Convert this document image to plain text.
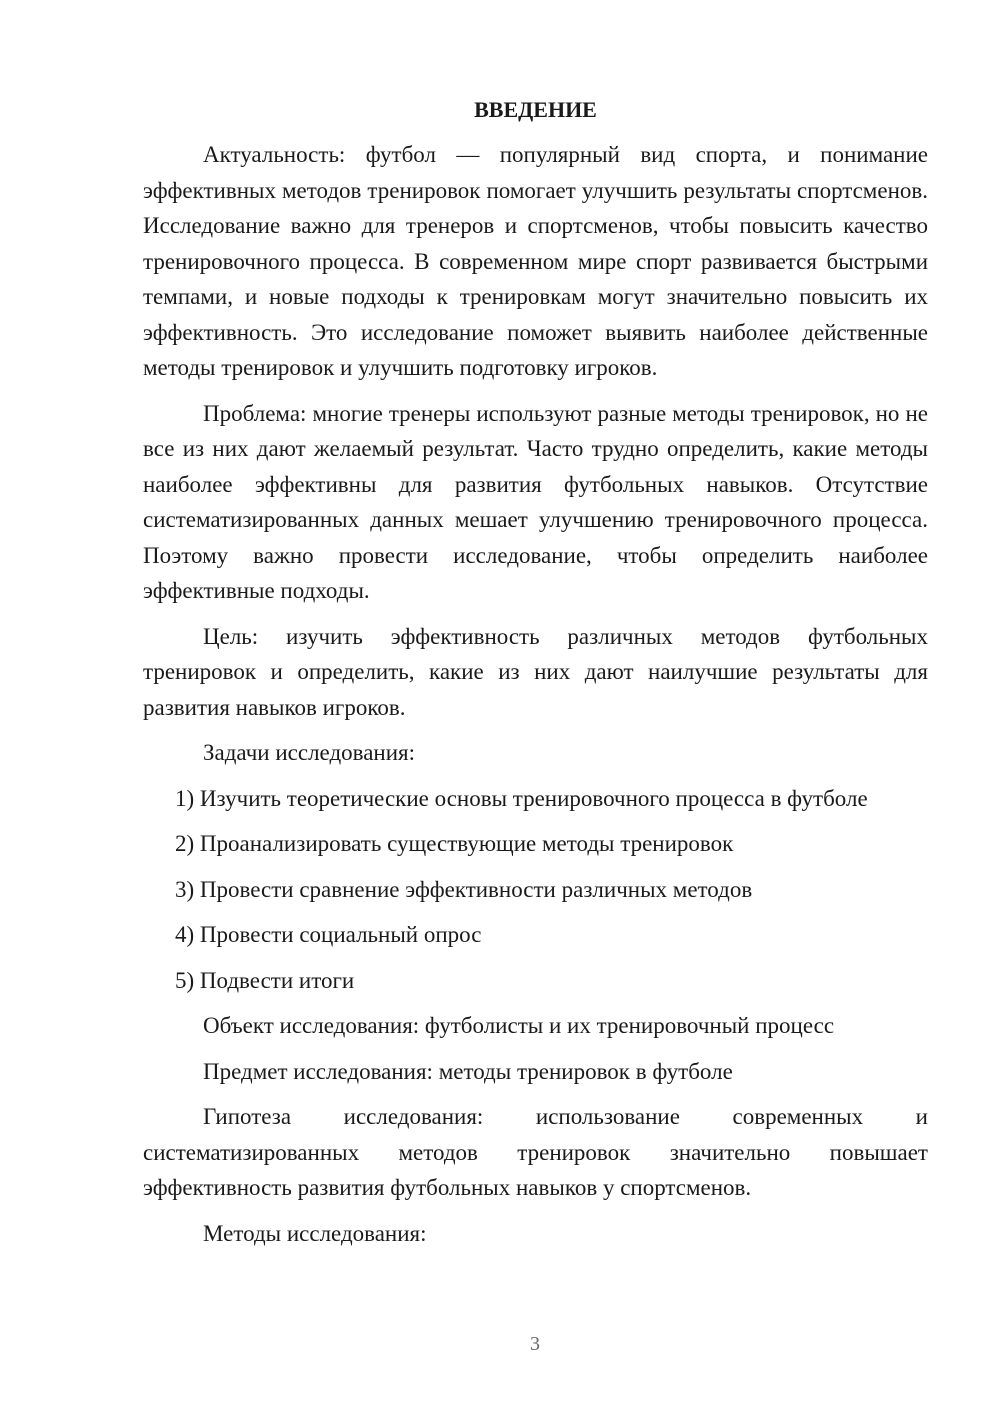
ВВЕДЕНИЕ

Актуальность: футбол — популярный вид спорта, и понимание эффективных методов тренировок помогает улучшить результаты спортсменов. Исследование важно для тренеров и спортсменов, чтобы повысить качество тренировочного процесса. В современном мире спорт развивается быстрыми темпами, и новые подходы к тренировкам могут значительно повысить их эффективность. Это исследование поможет выявить наиболее действенные методы тренировок и улучшить подготовку игроков.

Проблема: многие тренеры используют разные методы тренировок, но не все из них дают желаемый результат. Часто трудно определить, какие методы наиболее эффективны для развития футбольных навыков. Отсутствие систематизированных данных мешает улучшению тренировочного процесса. Поэтому важно провести исследование, чтобы определить наиболее эффективные подходы.

Цель: изучить эффективность различных методов футбольных тренировок и определить, какие из них дают наилучшие результаты для развития навыков игроков.

Задачи исследования:

1) Изучить теоретические основы тренировочного процесса в футболе
2) Проанализировать существующие методы тренировок
3) Провести сравнение эффективности различных методов
4) Провести социальный опрос
5) Подвести итоги

Объект исследования: футболисты и их тренировочный процесс

Предмет исследования: методы тренировок в футболе

Гипотеза исследования: использование современных и систематизированных методов тренировок значительно повышает эффективность развития футбольных навыков у спортсменов.

Методы исследования:

3
